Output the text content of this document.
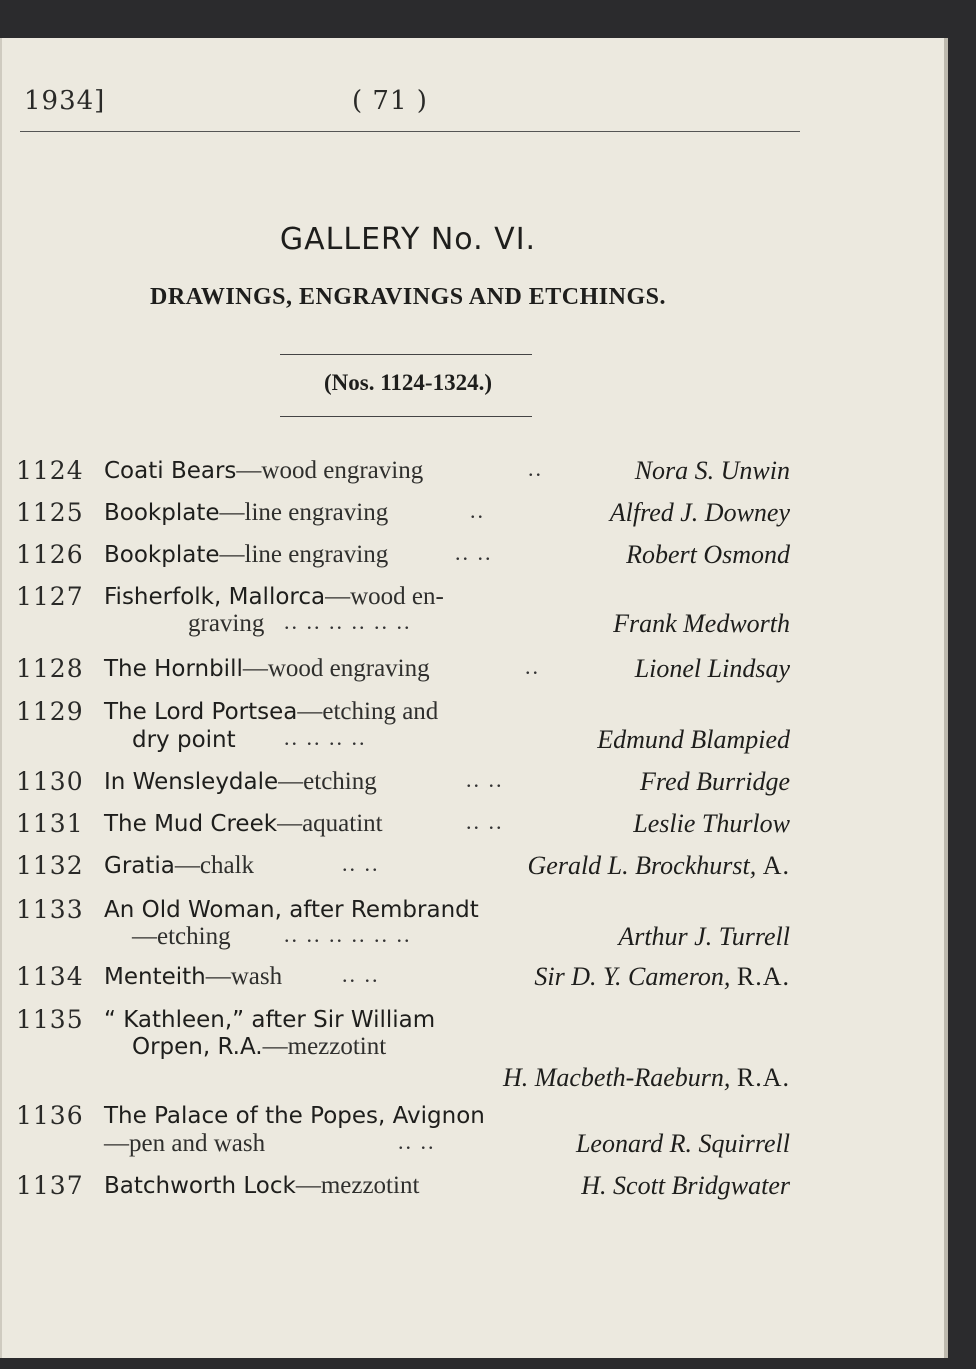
1934]	( 71 )
GALLERY No. VI.
DRAWINGS, ENGRAVINGS AND ETCHINGS.
(Nos. 1124-1324.)
1124 Coati Bears—wood engraving	..	Nora S. Unwin
1125 Bookplate—line engraving	..	Alfred J. Downey
1126 Bookplate—line engraving	.. ..	Robert Osmond
1127 Fisherfolk, Mallorca—wood en-
graving .. .. .. .. .. ..	Frank Medworth
1128 The Hornbill—wood engraving	..	Lionel Lindsay
1129 The Lord Portsea—etching and
dry point .. .. .. ..	Edmund Blampied
1130 In Wensleydale—etching	.. ..	Fred Burridge
1131 The Mud Creek—aquatint	.. ..	Leslie Thurlow
1132 Gratia—chalk	.. ..	Gerald L. Brockhurst, A.
1133 An Old Woman, after Rembrandt
—etching .. .. .. .. .. ..	Arthur J. Turrell
1134 Menteith—wash	.. ..	Sir D. Y. Cameron, R.A.
1135 “ Kathleen,” after Sir William
Orpen, R.A.—mezzotint
H. Macbeth-Raeburn, R.A.
1136 The Palace of the Popes, Avignon
—pen and wash	.. ..	Leonard R. Squirrell
1137 Batchworth Lock—mezzotint	H. Scott Bridgwater
